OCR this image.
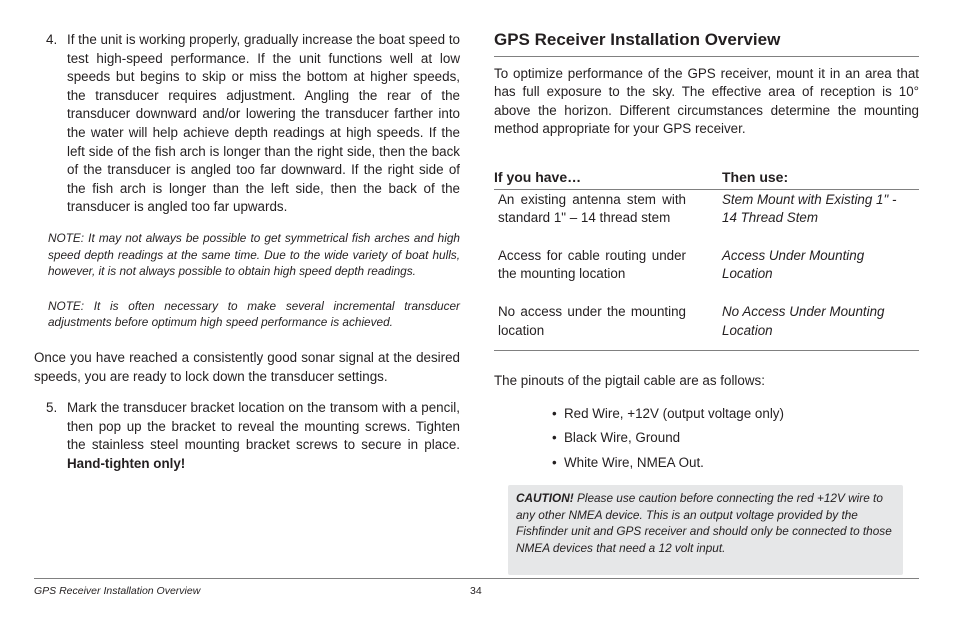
4. If the unit is working properly, gradually increase the boat speed to test high-speed performance. If the unit functions well at low speeds but begins to skip or miss the bottom at higher speeds, the transducer requires adjustment. Angling the rear of the transducer downward and/or lowering the transducer farther into the water will help achieve depth readings at high speeds. If the left side of the fish arch is longer than the right side, then the back of the transducer is angled too far downward. If the right side of the fish arch is longer than the left side, then the back of the transducer is angled too far upwards.
NOTE: It may not always be possible to get symmetrical fish arches and high speed depth readings at the same time. Due to the wide variety of boat hulls, however, it is not always possible to obtain high speed depth readings.
NOTE: It is often necessary to make several incremental transducer adjustments before optimum high speed performance is achieved.
Once you have reached a consistently good sonar signal at the desired speeds, you are ready to lock down the transducer settings.
5. Mark the transducer bracket location on the transom with a pencil, then pop up the bracket to reveal the mounting screws. Tighten the stainless steel mounting bracket screws to secure in place. Hand-tighten only!
GPS Receiver Installation Overview
To optimize performance of the GPS receiver, mount it in an area that has full exposure to the sky. The effective area of reception is 10° above the horizon. Different circumstances determine the mounting method appropriate for your GPS receiver.
If you have…	Then use:
An existing antenna stem with standard 1" – 14 thread stem
Stem Mount with Existing 1" - 14 Thread Stem
Access for cable routing under the mounting location
Access Under Mounting Location
No access under the mounting location
No Access Under Mounting Location
The pinouts of the pigtail cable are as follows:
• Red Wire, +12V (output voltage only)
• Black Wire, Ground
• White Wire, NMEA Out.
CAUTION! Please use caution before connecting the red +12V wire to any other NMEA device. This is an output voltage provided by the Fishfinder unit and GPS receiver and should only be connected to those NMEA devices that need a 12 volt input.
GPS Receiver Installation Overview	34
